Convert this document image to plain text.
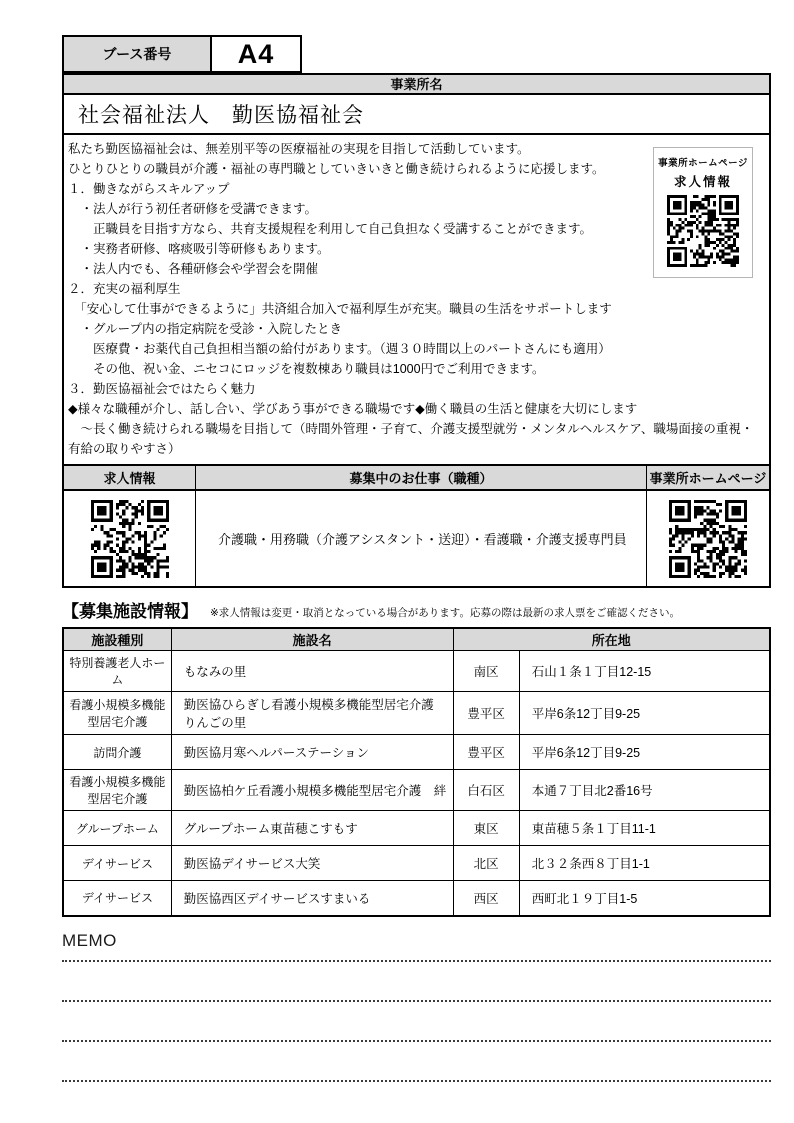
ブース番号	A4
事業所名
社会福祉法人　勤医協福祉会
私たち勤医協福祉会は、無差別平等の医療福祉の実現を目指して活動しています。
ひとりひとりの職員が介護・福祉の専門職としていきいきと働き続けられるように応援します。
１．働きながらスキルアップ
　・法人が行う初任者研修を受講できます。
　　正職員を目指す方なら、共育支援規程を利用して自己負担なく受講することができます。
　・実務者研修、喀痰吸引等研修もあります。
　・法人内でも、各種研修会や学習会を開催
２．充実の福利厚生
　「安心して仕事ができるように」共済組合加入で福利厚生が充実。職員の生活をサポートします
　・グループ内の指定病院を受診・入院したとき
　　医療費・お薬代自己負担相当額の給付があります。（週３０時間以上のパートさんにも適用）
　　その他、祝い金、ニセコにロッジを複数棟あり職員は1000円でご利用できます。
３．勤医協福祉会ではたらく魅力
◆様々な職種が介し、話し合い、学びあう事ができる職場です◆働く職員の生活と健康を大切にします
　～長く働き続けられる職場を目指して（時間外管理・子育て、介護支援型就労・メンタルヘルスケア、職場面接の重視・
有給の取りやすさ）
事業所ホームページ
求人情報
求人情報	募集中のお仕事（職種）	事業所ホームページ
介護職・用務職（介護アシスタント・送迎）・看護職・介護支援専門員
【募集施設情報】 ※求人情報は変更・取消となっている場合があります。応募の際は最新の求人票をご確認ください。
施設種別	施設名	所在地	
特別養護老人ホーム	もなみの里	南区	石山１条１丁目12-15
看護小規模多機能型居宅介護	勤医協ひらぎし看護小規模多機能型居宅介護　りんごの里	豊平区	平岸6条12丁目9-25
訪問介護	勤医協月寒ヘルパーステーション	豊平区	平岸6条12丁目9-25
看護小規模多機能型居宅介護	勤医協柏ケ丘看護小規模多機能型居宅介護　絆	白石区	本通７丁目北2番16号
グループホーム	グループホーム東苗穂こすもす	東区	東苗穂５条１丁目11-1
デイサービス	勤医協デイサービス大笑	北区	北３２条西８丁目1-1
デイサービス	勤医協西区デイサービスすまいる	西区	西町北１９丁目1-5
MEMO
